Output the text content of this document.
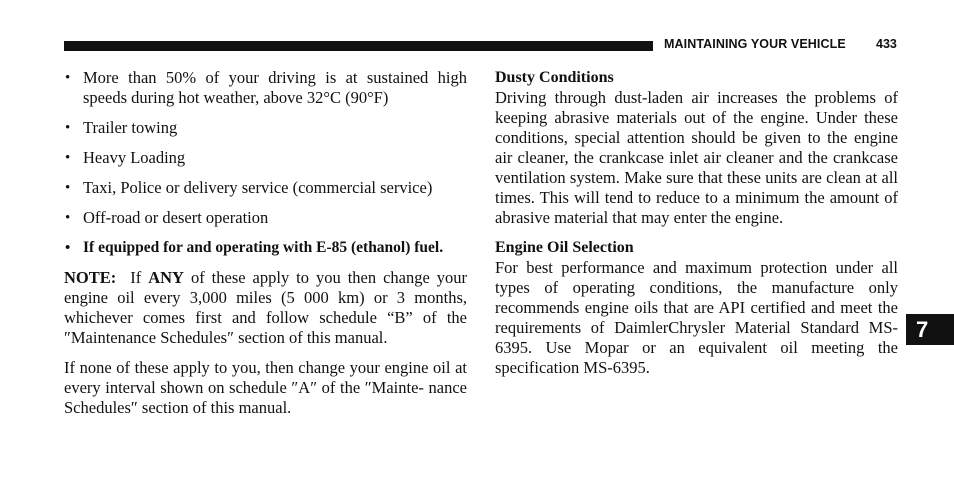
MAINTAINING YOUR VEHICLE 433
• More than 50% of your driving is at sustained high speeds during hot weather, above 32°C (90°F)
• Trailer towing
• Heavy Loading
• Taxi, Police or delivery service (commercial service)
• Off-road or desert operation
• If equipped for and operating with E-85 (ethanol) fuel.

NOTE: If ANY of these apply to you then change your engine oil every 3,000 miles (5 000 km) or 3 months, whichever comes first and follow schedule “B” of the ″Maintenance Schedules″ section of this manual.

If none of these apply to you, then change your engine oil at every interval shown on schedule ″A″ of the ″Mainte- nance Schedules″ section of this manual.

Dusty Conditions

Driving through dust-laden air increases the problems of keeping abrasive materials out of the engine. Under these conditions, special attention should be given to the engine air cleaner, the crankcase inlet air cleaner and the crankcase ventilation system. Make sure that these units are clean at all times. This will tend to reduce to a minimum the amount of abrasive material that may enter the engine.

Engine Oil Selection

For best performance and maximum protection under all types of operating conditions, the manufacture only recommends engine oils that are API certified and meet the requirements of DaimlerChrysler Material Standard MS-6395. Use Mopar or an equivalent oil meeting the specification MS-6395.

7
